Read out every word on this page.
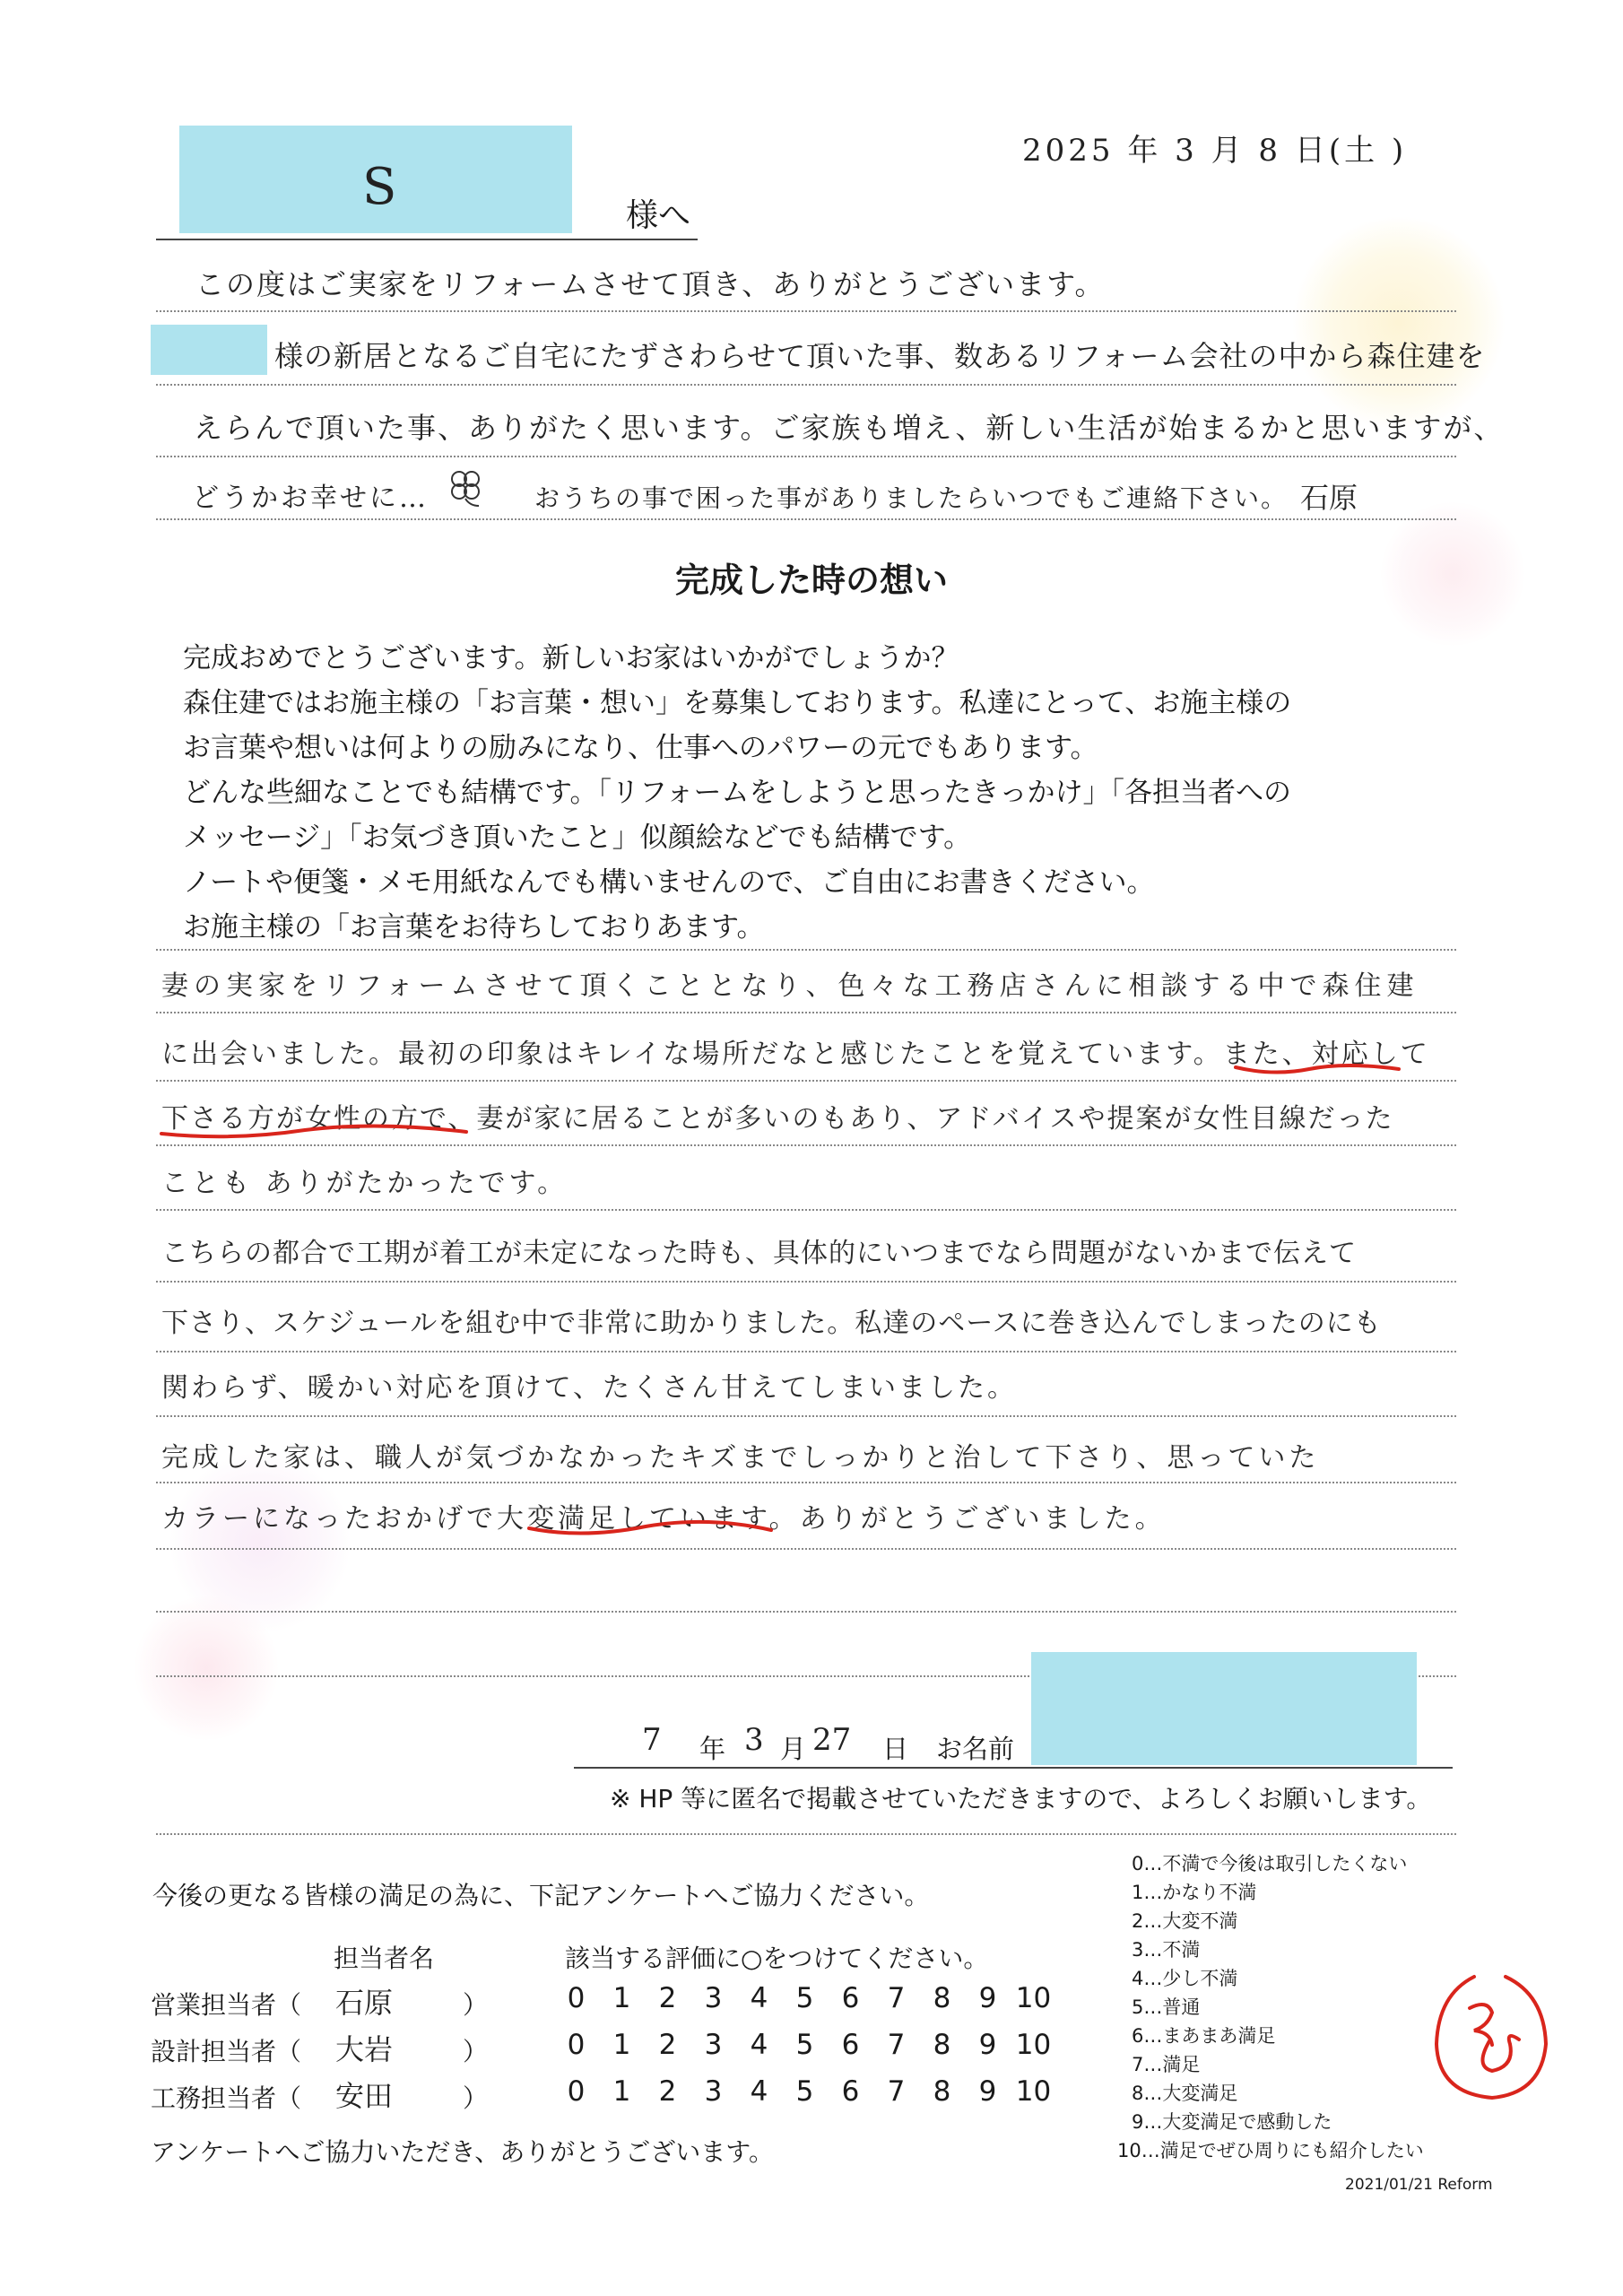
2025 年 3 月 8 日(土 )
S	様へ
この度はご実家をリフォームさせて頂き、ありがとうございます。
様の新居となるご自宅にたずさわらせて頂いた事、数あるリフォーム会社の中から森住建を
えらんで頂いた事、ありがたく思います。ご家族も増え、新しい生活が始まるかと思いますが、
どうかお幸せに…	おうちの事で困った事がありましたらいつでもご連絡下さい。 石原
完成した時の想い
完成おめでとうございます。新しいお家はいかがでしょうか？
森住建ではお施主様の「お言葉・想い」を募集しております。私達にとって、お施主様の
お言葉や想いは何よりの励みになり、仕事へのパワーの元でもあります。
どんな些細なことでも結構です。「リフォームをしようと思ったきっかけ」「各担当者への
メッセージ」「お気づき頂いたこと」似顔絵などでも結構です。
ノートや便箋・メモ用紙なんでも構いませんので、ご自由にお書きください。
お施主様の「お言葉をお待ちしておりあます。
妻の実家をリフォームさせて頂くこととなり、色々な工務店さんに相談する中で森住建
に出会いました。最初の印象はキレイな場所だなと感じたことを覚えています。また、対応して
下さる方が女性の方で、妻が家に居ることが多いのもあり、アドバイスや提案が女性目線だった
ことも ありがたかったです。
こちらの都合で工期が着工が未定になった時も、具体的にいつまでなら問題がないかまで伝えて
下さり、スケジュールを組む中で非常に助かりました。私達のペースに巻き込んでしまったのにも
関わらず、暖かい対応を頂けて、たくさん甘えてしまいました。
完成した家は、職人が気づかなかったキズまでしっかりと治して下さり、思っていた
カラーになったおかげで大変満足しています。ありがとうございました。
7 年 3 月 27 日 お名前
※ HP 等に匿名で掲載させていただきますので、よろしくお願いします。
今後の更なる皆様の満足の為に、下記アンケートへご協力ください。
担当者名	該当する評価に○をつけてください。
営業担当者（ 石原	）	0 1 2 3 4 5 6 7 8 9 10
設計担当者（ 大岩	）	0 1 2 3 4 5 6 7 8 9 10
工務担当者（ 安田	）	0 1 2 3 4 5 6 7 8 9 10
アンケートへご協力いただき、ありがとうございます。
0…不満で今後は取引したくない
1…かなり不満
2…大変不満
3…不満
4…少し不満
5…普通
6…まあまあ満足
7…満足
8…大変満足
9…大変満足で感動した
10…満足でぜひ周りにも紹介したい
2021/01/21 Reform
